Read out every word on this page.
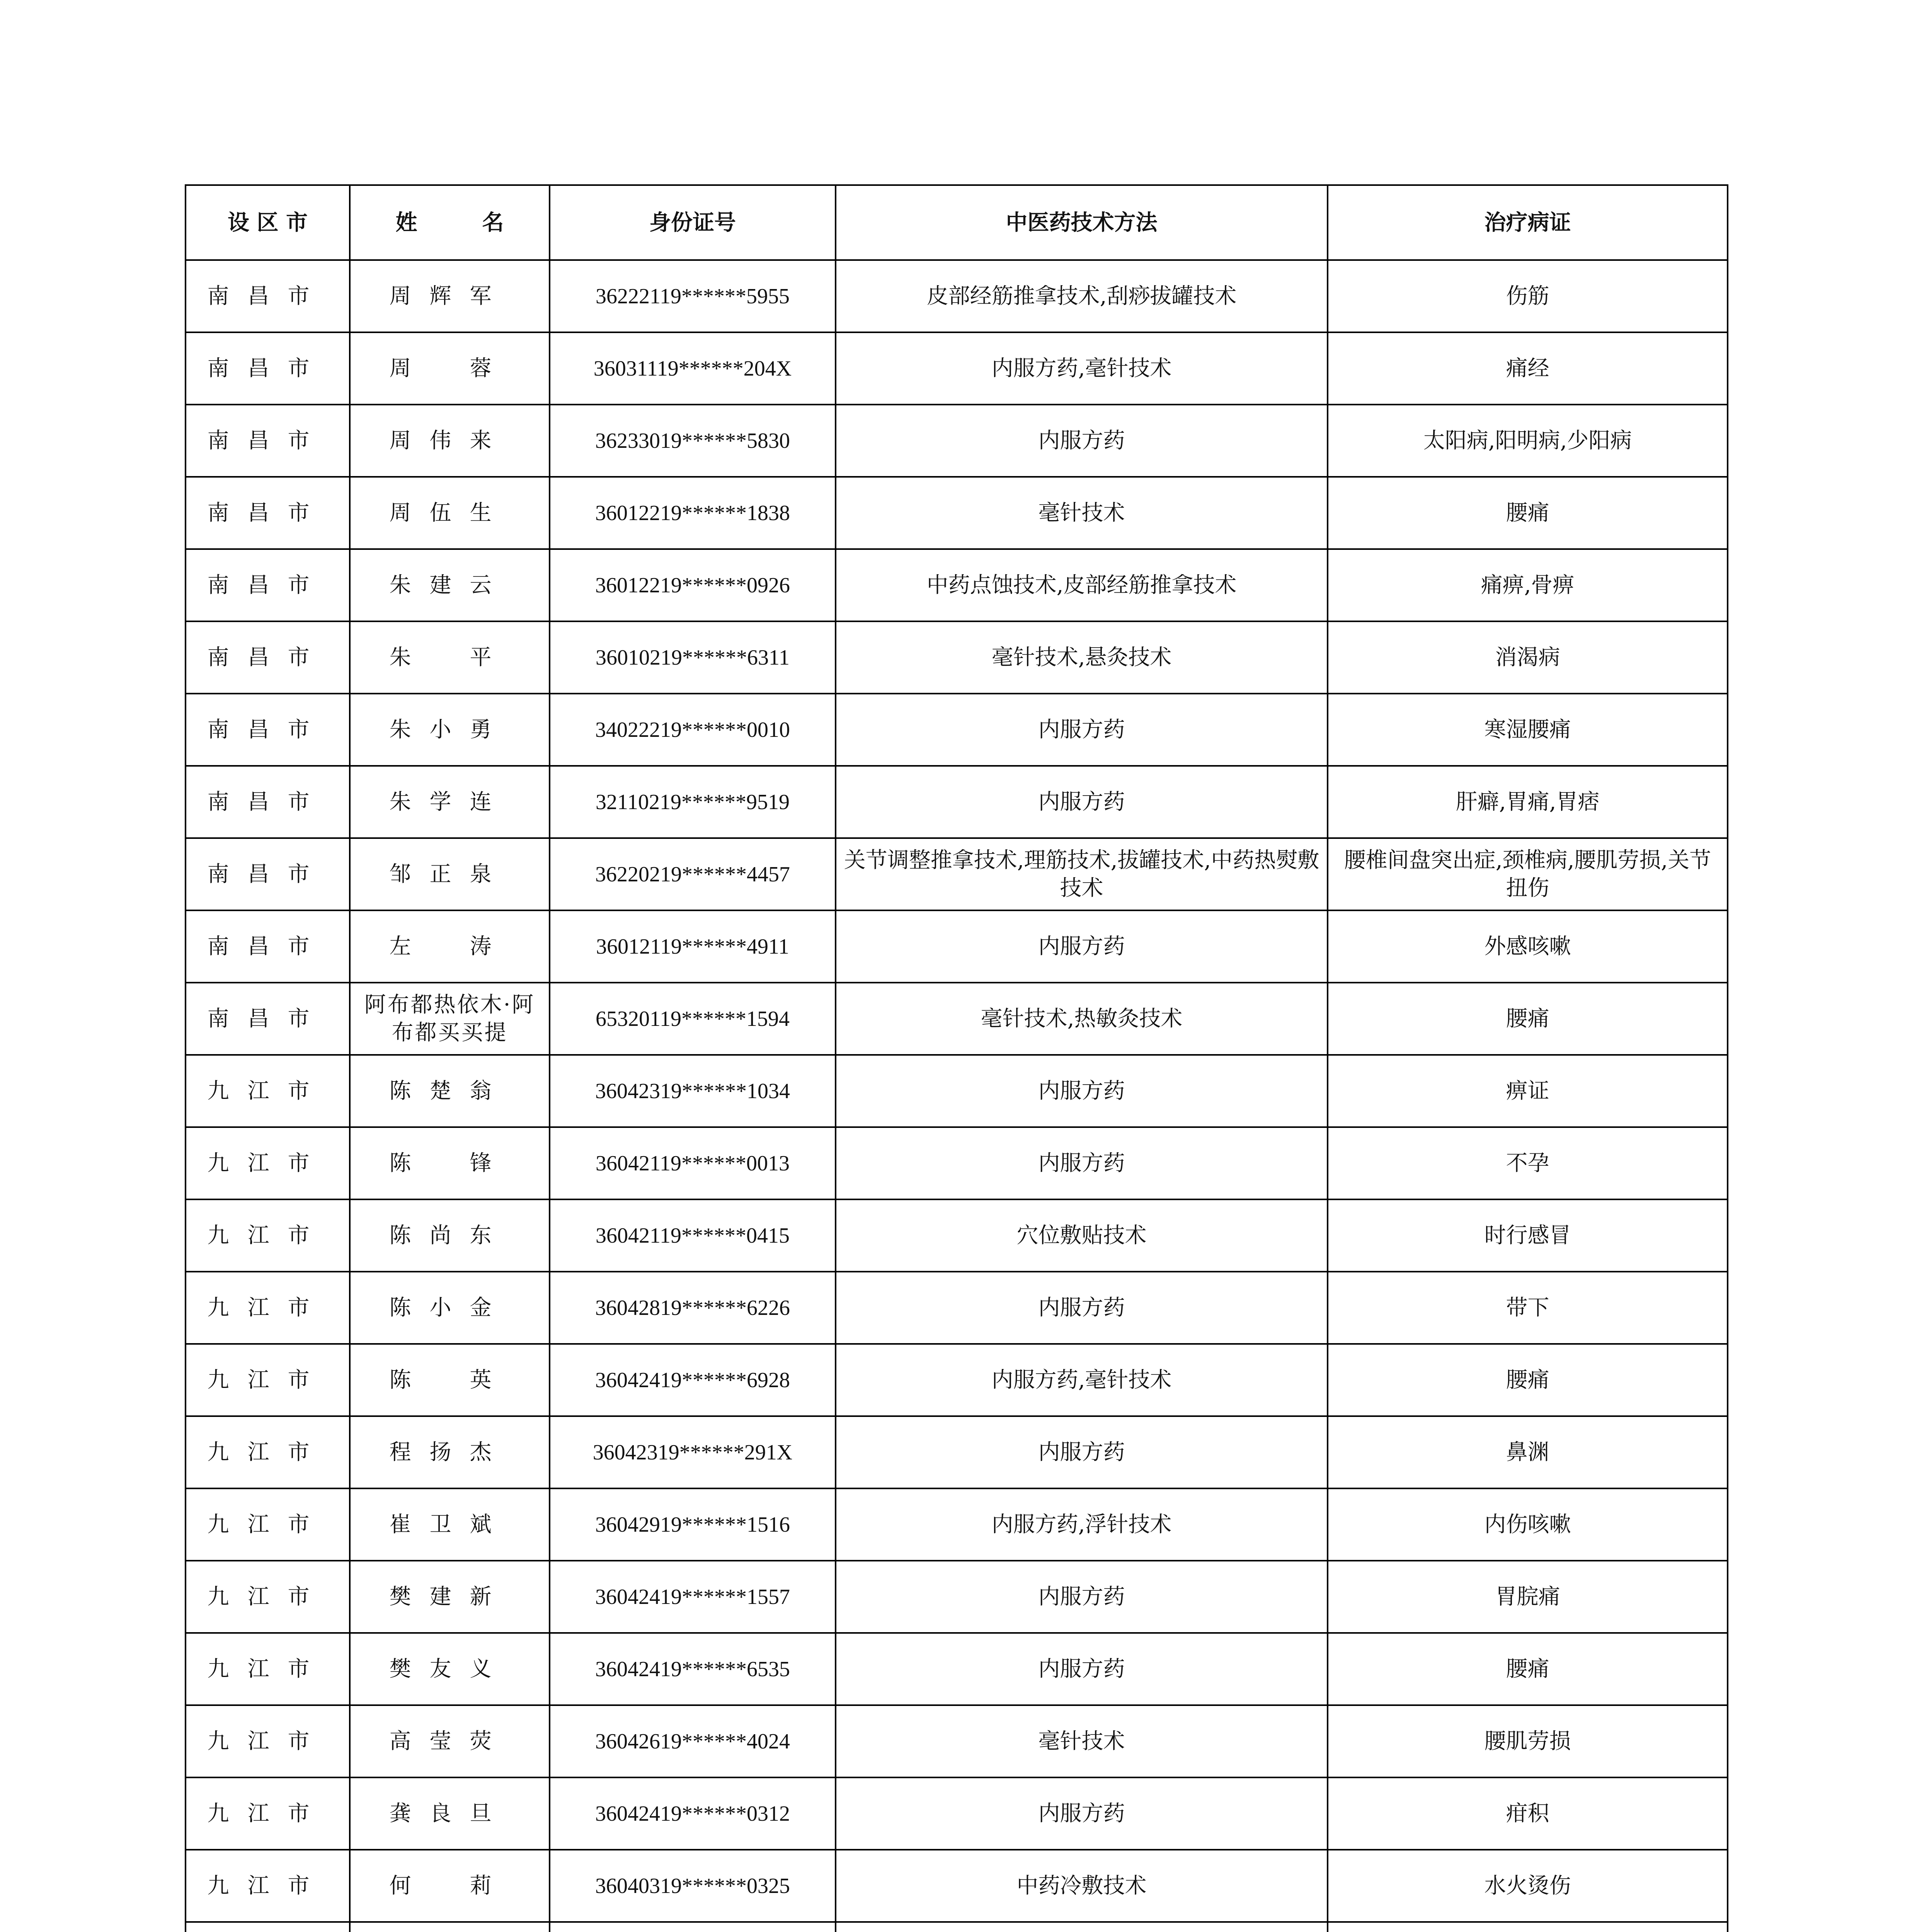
设 区 市	姓　　　名	身份证号	中医药技术方法	治疗病证
南昌市	周辉军	36222119******5955	皮部经筋推拿技术,刮痧拔罐技术	伤筋
南昌市	周　蓉	36031119******204X	内服方药,毫针技术	痛经
南昌市	周伟来	36233019******5830	内服方药	太阳病,阳明病,少阳病
南昌市	周伍生	36012219******1838	毫针技术	腰痛
南昌市	朱建云	36012219******0926	中药点蚀技术,皮部经筋推拿技术	痛痹,骨痹
南昌市	朱　平	36010219******6311	毫针技术,悬灸技术	消渴病
南昌市	朱小勇	34022219******0010	内服方药	寒湿腰痛
南昌市	朱学连	32110219******9519	内服方药	肝癖,胃痛,胃痞
南昌市	邹正泉	36220219******4457	关节调整推拿技术,理筋技术,拔罐技术,中药热熨敷技术	腰椎间盘突出症,颈椎病,腰肌劳损,关节扭伤
南昌市	左　涛	36012119******4911	内服方药	外感咳嗽
南昌市	阿布都热依木·阿布都买买提	65320119******1594	毫针技术,热敏灸技术	腰痛
九江市	陈楚翁	36042319******1034	内服方药	痹证
九江市	陈　锋	36042119******0013	内服方药	不孕
九江市	陈尚东	36042119******0415	穴位敷贴技术	时行感冒
九江市	陈小金	36042819******6226	内服方药	带下
九江市	陈　英	36042419******6928	内服方药,毫针技术	腰痛
九江市	程扬杰	36042319******291X	内服方药	鼻渊
九江市	崔卫斌	36042919******1516	内服方药,浮针技术	内伤咳嗽
九江市	樊建新	36042419******1557	内服方药	胃脘痛
九江市	樊友义	36042419******6535	内服方药	腰痛
九江市	高莹荧	36042619******4024	毫针技术	腰肌劳损
九江市	龚良旦	36042419******0312	内服方药	疳积
九江市	何　莉	36040319******0325	中药冷敷技术	水火烫伤
